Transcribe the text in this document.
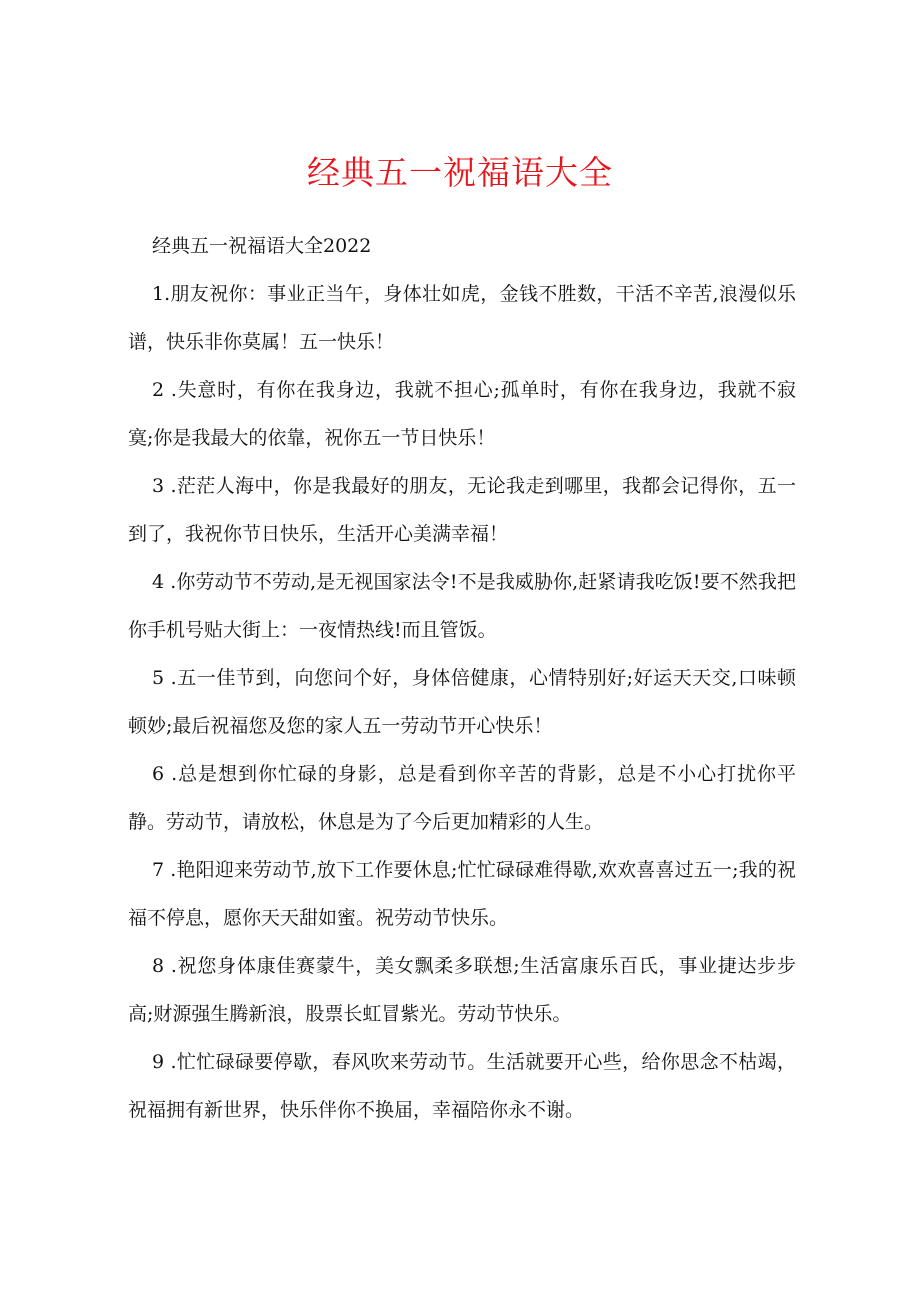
经典五一祝福语大全

经典五一祝福语大全2022

1.朋友祝你：事业正当午，身体壮如虎，金钱不胜数，干活不辛苦,浪漫似乐谱，快乐非你莫属！五一快乐！

2 .失意时，有你在我身边，我就不担心;孤单时，有你在我身边，我就不寂寞;你是我最大的依靠，祝你五一节日快乐！

3 .茫茫人海中，你是我最好的朋友，无论我走到哪里，我都会记得你，五一到了，我祝你节日快乐，生活开心美满幸福！

4 .你劳动节不劳动,是无视国家法令!不是我威胁你,赶紧请我吃饭!要不然我把你手机号贴大街上：一夜情热线!而且管饭。

5 .五一佳节到，向您问个好，身体倍健康，心情特别好;好运天天交,口味顿顿妙;最后祝福您及您的家人五一劳动节开心快乐！

6 .总是想到你忙碌的身影，总是看到你辛苦的背影，总是不小心打扰你平静。劳动节，请放松，休息是为了今后更加精彩的人生。

7 .艳阳迎来劳动节,放下工作要休息;忙忙碌碌难得歇,欢欢喜喜过五一;我的祝福不停息，愿你天天甜如蜜。祝劳动节快乐。

8 .祝您身体康佳赛蒙牛，美女飘柔多联想;生活富康乐百氏，事业捷达步步高;财源强生腾新浪，股票长虹冒紫光。劳动节快乐。

9 .忙忙碌碌要停歇，春风吹来劳动节。生活就要开心些，给你思念不枯竭，祝福拥有新世界，快乐伴你不换届，幸福陪你永不谢。
